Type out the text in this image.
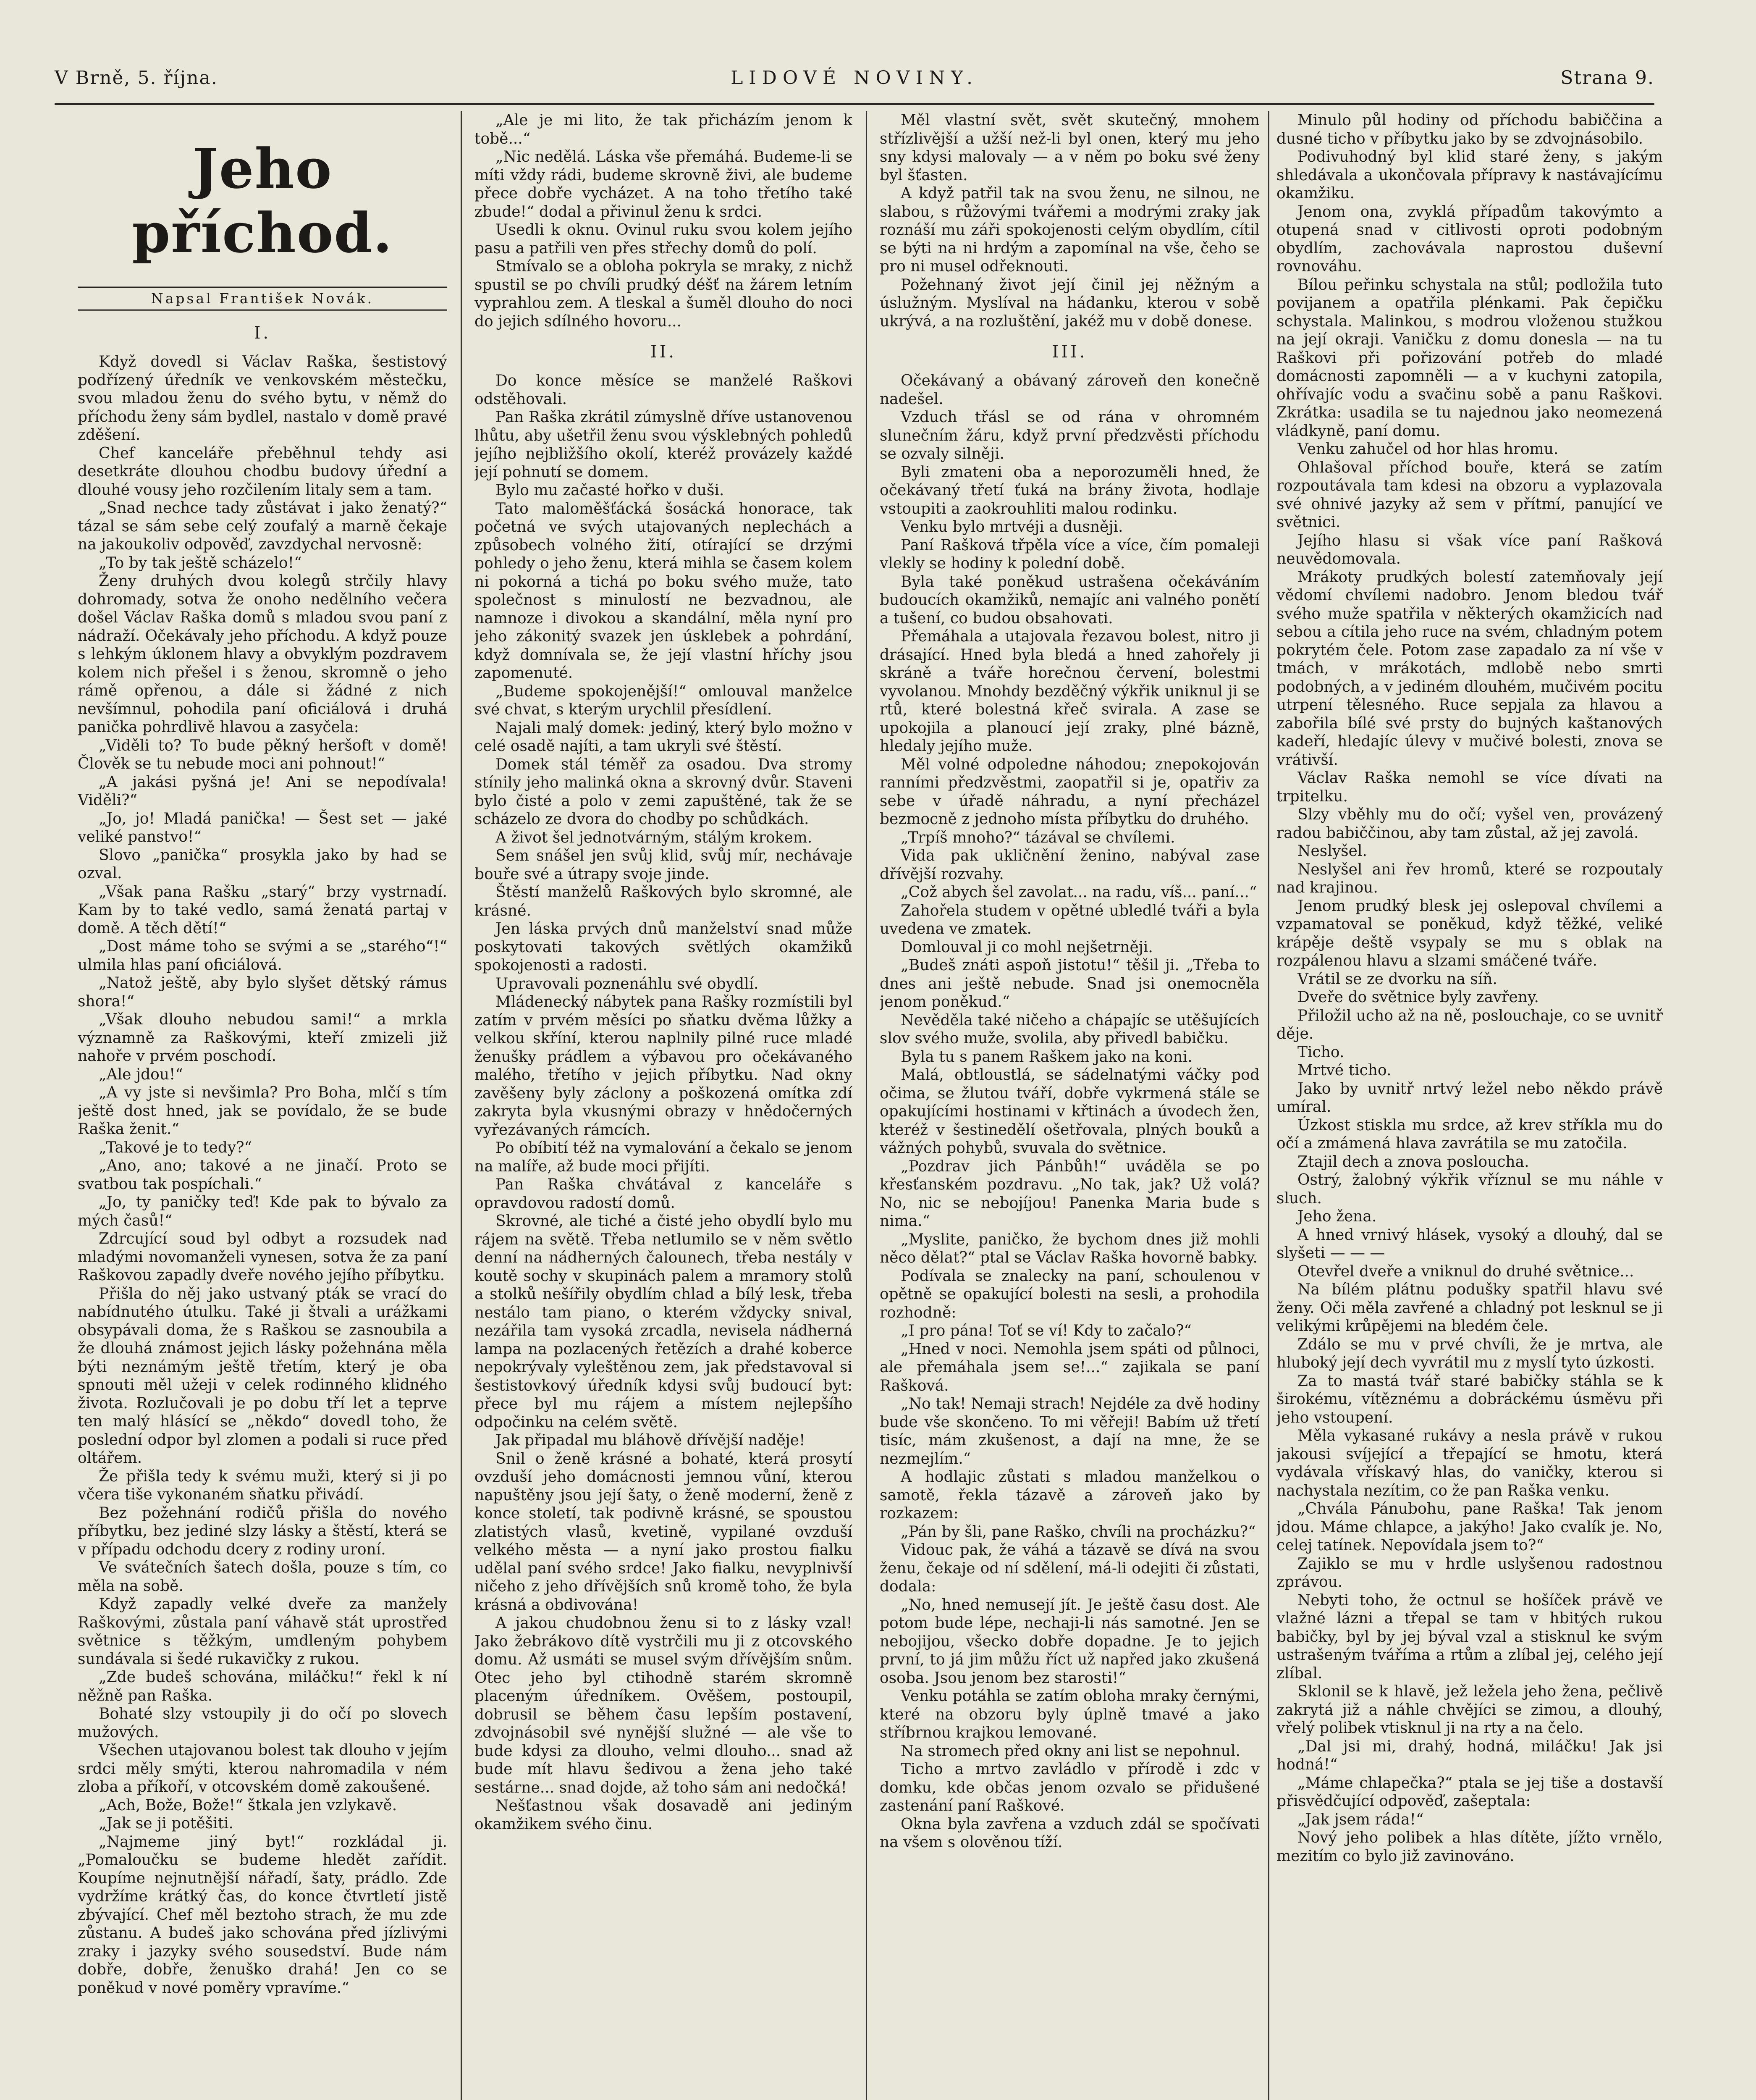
LIDOVÉ NOVINY.
V Brně, 5. října.	Strana 9.
Jeho příchod.
Napsal František Novák.
I.

Když dovedl si Václav Raška, šestistový podřízený úředník ve venkovském městečku, svou mladou ženu do svého bytu, v němž do příchodu ženy sám bydlel, nastalo v domě pravé zděšení.

Chef kanceláře přeběhnul tehdy asi desetkráte dlouhou chodbu budovy úřední a dlouhé vousy jeho rozčilením litaly sem a tam.

„Snad nechce tady zůstávat i jako ženatý?“ tázal se sám sebe celý zoufalý a marně čekaje na jakoukoliv odpověď, zavzdychal nervosně:

„To by tak ještě scházelo!“

Ženy druhých dvou kolegů strčily hlavy dohromady, sotva že onoho nedělního večera došel Václav Raška domů s mladou svou paní z nádraží. Očekávaly jeho příchodu. A když pouze s lehkým úklonem hlavy a obvyklým pozdravem kolem nich přešel i s ženou, skromně o jeho rámě opřenou, a dále si žádné z nich nevšímnul, pohodila paní oficiálová i druhá panička pohrdlivě hlavou a zasyčela:

„Viděli to? To bude pěkný heršoft v domě! Člověk se tu nebude moci ani pohnout!“

„A jakási pyšná je! Ani se nepodívala! Viděli?“

„Jo, jo! Mladá panička! — Šest set — jaké veliké panstvo!“

Slovo „panička“ prosykla jako by had se ozval.

„Však pana Rašku „starý“ brzy vystrnadí. Kam by to také vedlo, samá ženatá partaj v domě. A těch dětí!“

„Dost máme toho se svými a se „starého“!“ ulmila hlas paní oficiálová.

„Natož ještě, aby bylo slyšet dětský rámus shora!“

„Však dlouho nebudou sami!“ a mrkla významně za Raškovými, kteří zmizeli již nahoře v prvém poschodí.

„Ale jdou!“

„A vy jste si nevšimla? Pro Boha, mlčí s tím ještě dost hned, jak se povídalo, že se bude Raška ženit.“

„Takové je to tedy?“

„Ano, ano; takové a ne jinačí. Proto se svatbou tak pospíchali.“

„Jo, ty paničky teď! Kde pak to bývalo za mých časů!“

Zdrcující soud byl odbyt a rozsudek nad mladými novomanželi vynesen, sotva že za paní Raškovou zapadly dveře nového jejího příbytku.

Přišla do něj jako ustvaný pták se vrací do nabídnutého útulku. Také ji štvali a urážkami obsypávali doma, že s Raškou se zasnoubila a že dlouhá známost jejich lásky požehnána měla býti neznámým ještě třetím, který je oba spnouti měl užeji v celek rodinného klidného života. Rozlučovali je po dobu tří let a teprve ten malý hlásící se „někdo“ dovedl toho, že poslední odpor byl zlomen a podali si ruce před oltářem.

Že přišla tedy k svému muži, který si ji po včera tiše vykonaném sňatku přivádí.

Bez požehnání rodičů přišla do nového příbytku, bez jediné slzy lásky a štěstí, která se v případu odchodu dcery z rodiny uroní.

Ve svátečních šatech došla, pouze s tím, co měla na sobě.

Když zapadly velké dveře za manžely Raškovými, zůstala paní váhavě stát uprostřed světnice s těžkým, umdleným pohybem sundávala si šedé rukavičky z rukou.

„Zde budeš schována, miláčku!“ řekl k ní něžně pan Raška.

Bohaté slzy vstoupily ji do očí po slovech mužových.

Všechen utajovanou bolest tak dlouho v jejím srdci měly smýti, kterou nahromadila v ném zloba a příkoří, v otcovském domě zakoušené.

„Ach, Bože, Bože!“ štkala jen vzlykavě.

„Jak se ji potěšiti.

„Najmeme jiný byt!“ rozkládal ji. „Pomaloučku se budeme hledět zařídit. Koupíme nejnutnější nářadí, šaty, prádlo. Zde vydržíme krátký čas, do konce čtvrtletí jistě zbývající. Chef měl beztoho strach, že mu zde zůstanu. A budeš jako schována před jízlivými zraky i jazyky svého sousedství. Bude nám dobře, dobře, ženuško drahá! Jen co se poněkud v nové poměry vpravíme.“

„Ale je mi lito, že tak přicházím jenom k tobě...“

„Nic nedělá. Láska vše přemáhá. Budeme-li se míti vždy rádi, budeme skrovně živi, ale budeme přece dobře vycházet. A na toho třetího také zbude!“ dodal a přivinul ženu k srdci.

Usedli k oknu. Ovinul ruku svou kolem jejího pasu a patřili ven přes střechy domů do polí.

Stmívalo se a obloha pokryla se mraky, z nichž spustil se po chvíli prudký déšť na žárem letním vyprahlou zem. A tleskal a šuměl dlouho do noci do jejich sdílného hovoru...

II.

Do konce měsíce se manželé Raškovi odstěhovali.

Pan Raška zkrátil zúmyslně dříve ustanovenou lhůtu, aby ušetřil ženu svou výsklebných pohledů jejího nejbližšího okolí, kteréž provázely každé její pohnutí se domem.

Bylo mu začasté hořko v duši.

Tato maloměšťácká šosácká honorace, tak početná ve svých utajovaných neplechách a způsobech volného žití, otírající se drzými pohledy o jeho ženu, která mihla se časem kolem ni pokorná a tichá po boku svého muže, tato společnost s minulostí ne bezvadnou, ale namnoze i divokou a skandální, měla nyní pro jeho zákonitý svazek jen úsklebek a pohrdání, když domnívala se, že její vlastní hříchy jsou zapomenuté.

„Budeme spokojenější!“ omlouval manželce své chvat, s kterým urychlil přesídlení.

Najali malý domek: jediný, který bylo možno v celé osadě najíti, a tam ukryli své štěstí.

Domek stál téměř za osadou. Dva stromy stínily jeho malinká okna a skrovný dvůr. Staveni bylo čisté a polo v zemi zapuštěné, tak že se scházelo ze dvora do chodby po schůdkách.

A život šel jednotvárným, stálým krokem.

Sem snášel jen svůj klid, svůj mír, nechávaje bouře své a útrapy svoje jinde.

Štěstí manželů Raškových bylo skromné, ale krásné.

Jen láska prvých dnů manželství snad může poskytovati takových světlých okamžiků spokojenosti a radosti.

Upravovali poznenáhlu své obydlí.

Mládenecký nábytek pana Rašky rozmístili byl zatím v prvém měsíci po sňatku dvěma lůžky a velkou skříní, kterou naplnily pilné ruce mladé ženušky prádlem a výbavou pro očekávaného malého, třetího v jejich příbytku. Nad okny zavěšeny byly záclony a poškozená omítka zdí zakryta byla vkusnými obrazy v hnědočerných vyřezávaných rámcích.

Po obíbití též na vymalování a čekalo se jenom na malíře, až bude moci přijíti.

Pan Raška chvátával z kanceláře s opravdovou radostí domů.

Skrovné, ale tiché a čisté jeho obydlí bylo mu rájem na světě. Třeba netlumilo se v něm světlo denní na nádherných čalounech, třeba nestály v koutě sochy v skupinách palem a mramory stolů a stolků nešířily obydlím chlad a bílý lesk, třeba nestálo tam piano, o kterém vždycky snival, nezářila tam vysoká zrcadla, nevisela nádherná lampa na pozlacených řetězích a drahé koberce nepokrývaly vyleštěnou zem, jak představoval si šestistovkový úředník kdysi svůj budoucí byt: přece byl mu rájem a místem nejlepšího odpočinku na celém světě.

Jak připadal mu bláhově dřívější naděje!

Snil o ženě krásné a bohaté, která prosytí ovzduší jeho domácnosti jemnou vůní, kterou napuštěny jsou její šaty, o ženě moderní, ženě z konce století, tak podivně krásné, se spoustou zlatistých vlasů, kvetině, vypilané ovzduší velkého města — a nyní jako prostou fialku udělal paní svého srdce! Jako fialku, nevyplnivší ničeho z jeho dřívějších snů kromě toho, že byla krásná a obdivována!

A jakou chudobnou ženu si to z lásky vzal! Jako žebrákovo dítě vystrčili mu ji z otcovského domu. Až usmáti se musel svým dřívějším snům. Otec jeho byl ctihodně starém skromně placeným úředníkem. Ověšem, postoupil, dobrusil se během času lepším postavení, zdvojnásobil své nynější služné — ale vše to bude kdysi za dlouho, velmi dlouho... snad až bude mít hlavu šedivou a žena jeho také sestárne... snad dojde, až toho sám ani nedočká!

Nešťastnou však dosavadě ani jediným okamžikem svého činu.

Měl vlastní svět, svět skutečný, mnohem střízlivější a užší než-li byl onen, který mu jeho sny kdysi malovaly — a v něm po boku své ženy byl šťasten.

A když patřil tak na svou ženu, ne silnou, ne slabou, s růžovými tvářemi a modrými zraky jak roznáší mu záři spokojenosti celým obydlím, cítil se býti na ni hrdým a zapomínal na vše, čeho se pro ni musel odřeknouti.

Požehnaný život její činil jej něžným a úslužným. Myslíval na hádanku, kterou v sobě ukrývá, a na rozluštění, jakéž mu v době donese.

III.

Očekávaný a obávaný zároveň den konečně nadešel.

Vzduch třásl se od rána v ohromném slunečním žáru, když první předzvěsti příchodu se ozvaly silněji.

Byli zmateni oba a neporozuměli hned, že očekávaný třetí ťuká na brány života, hodlaje vstoupiti a zaokrouhliti malou rodinku.

Venku bylo mrtvéji a dusněji.

Paní Rašková třpěla více a více, čím pomaleji vlekly se hodiny k polední době.

Byla také poněkud ustrašena očekáváním budoucích okamžiků, nemajíc ani valného ponětí a tušení, co budou obsahovati.

Přemáhala a utajovala řezavou bolest, nitro ji drásající. Hned byla bledá a hned zahořely ji skráně a tváře horečnou červení, bolestmi vyvolanou. Mnohdy bezděčný výkřik uniknul ji se rtů, které bolestná křeč svirala. A zase se upokojila a planoucí její zraky, plné bázně, hledaly jejího muže.

Měl volné odpoledne náhodou; znepokojován ranními předzvěstmi, zaopatřil si je, opatřiv za sebe v úřadě náhradu, a nyní přecházel bezmocně z jednoho místa příbytku do druhého.

„Trpíš mnoho?“ tázával se chvílemi.

Vida pak ukličnění ženino, nabýval zase dřívější rozvahy.

„Což abych šel zavolat... na radu, víš... paní...“

Zahořela studem v opětné ubledlé tváři a byla uvedena ve zmatek.

Domlouval ji co mohl nejšetrněji.

„Budeš znáti aspoň jistotu!“ těšil ji. „Třeba to dnes ani ještě nebude. Snad jsi onemocněla jenom poněkud.“

Nevěděla také ničeho a chápajíc se utěšujících slov svého muže, svolila, aby přivedl babičku.

Byla tu s panem Raškem jako na koni.

Malá, obtloustlá, se sádelnatými váčky pod očima, se žlutou tváří, dobře vykrmená stále se opakujícími hostinami v křtinách a úvodech žen, kteréž v šestinedělí ošetřovala, plných bouků a vážných pohybů, svuvala do světnice.

„Pozdrav jich Pánbůh!“ uváděla se po křesťanském pozdravu. „No tak, jak? Už volá? No, nic se nebojíjou! Panenka Maria bude s nima.“

„Myslite, paničko, že bychom dnes již mohli něco dělat?“ ptal se Václav Raška hovorně babky.

Podívala se znalecky na paní, schoulenou v opětně se opakující bolesti na sesli, a prohodila rozhodně:

„I pro pána! Toť se ví! Kdy to začalo?“

„Hned v noci. Nemohla jsem spáti od půlnoci, ale přemáhala jsem se!...“ zajikala se paní Rašková.

„No tak! Nemaji strach! Nejdéle za dvě hodiny bude vše skončeno. To mi věřeji! Babím už třetí tisíc, mám zkušenost, a dají na mne, že se nezmejlím.“

A hodlajic zůstati s mladou manželkou o samotě, řekla tázavě a zároveň jako by rozkazem:

„Pán by šli, pane Raško, chvíli na procházku?“

Vidouc pak, že váhá a tázavě se dívá na svou ženu, čekaje od ní sdělení, má-li odejiti či zůstati, dodala:

„No, hned nemusejí jít. Je ještě času dost. Ale potom bude lépe, nechaji-li nás samotné. Jen se nebojijou, všecko dobře dopadne. Je to jejich první, to já jim můžu říct už napřed jako zkušená osoba. Jsou jenom bez starosti!“

Venku potáhla se zatím obloha mraky černými, které na obzoru byly úplně tmavé a jako stříbrnou krajkou lemované.

Na stromech před okny ani list se nepohnul.

Ticho a mrtvo zavládlo v přírodě i zdc v domku, kde občas jenom ozvalo se přidušené zastenání paní Raškové.

Okna byla zavřena a vzduch zdál se spočívati na všem s olověnou tíží.

Minulo půl hodiny od příchodu babiččina a dusné ticho v příbytku jako by se zdvojnásobilo.

Podivuhodný byl klid staré ženy, s jakým shledávala a ukončovala přípravy k nastávajícímu okamžiku.

Jenom ona, zvyklá případům takovýmto a otupená snad v citlivosti oproti podobným obydlím, zachovávala naprostou duševní rovnováhu.

Bílou peřinku schystala na stůl; podložila tuto povijanem a opatřila plénkami. Pak čepičku schystala. Malinkou, s modrou vloženou stužkou na její okraji. Vaničku z domu donesla — na tu Raškovi při pořizování potřeb do mladé domácnosti zapomněli — a v kuchyni zatopila, ohřívajíc vodu a svačinu sobě a panu Raškovi. Zkrátka: usadila se tu najednou jako neomezená vládkyně, paní domu.

Venku zahučel od hor hlas hromu.

Ohlašoval příchod bouře, která se zatím rozpoutávala tam kdesi na obzoru a vyplazovala své ohnivé jazyky až sem v přítmí, panující ve světnici.

Jejího hlasu si však více paní Rašková neuvědomovala.

Mrákoty prudkých bolestí zatemňovaly její vědomí chvílemi nadobro. Jenom bledou tvář svého muže spatřila v některých okamžicích nad sebou a cítila jeho ruce na svém, chladným potem pokrytém čele. Potom zase zapadalo za ní vše v tmách, v mrákotách, mdlobě nebo smrti podobných, a v jediném dlouhém, mučivém pocitu utrpení tělesného. Ruce sepjala za hlavou a zabořila bílé své prsty do bujných kaštanových kadeří, hledajíc úlevy v mučivé bolesti, znova se vrátivší.

Václav Raška nemohl se více dívati na trpitelku.

Slzy vběhly mu do očí; vyšel ven, provázený radou babiččinou, aby tam zůstal, až jej zavolá.

Neslyšel.

Neslyšel ani řev hromů, které se rozpoutaly nad krajinou.

Jenom prudký blesk jej oslepoval chvílemi a vzpamatoval se poněkud, když těžké, veliké krápěje deště vsypaly se mu s oblak na rozpálenou hlavu a slzami smáčené tváře.

Vrátil se ze dvorku na síň.

Dveře do světnice byly zavřeny.

Přiložil ucho až na ně, poslouchaje, co se uvnitř děje.

Ticho.

Mrtvé ticho.

Jako by uvnitř nrtvý ležel nebo někdo právě umíral.

Úzkost stiskla mu srdce, až krev stříkla mu do očí a zmámená hlava zavrátila se mu zatočila.

Ztajil dech a znova posloucha.

Ostrý, žalobný výkřik vříznul se mu náhle v sluch.

Jeho žena.

A hned vrnivý hlásek, vysoký a dlouhý, dal se slyšeti — — —

Otevřel dveře a vniknul do druhé světnice...

Na bílém plátnu podušky spatřil hlavu své ženy. Oči měla zavřené a chladný pot lesknul se ji velikými krůpějemi na bledém čele.

Zdálo se mu v prvé chvíli, že je mrtva, ale hluboký její dech vyvrátil mu z myslí tyto úzkosti.

Za to mastá tvář staré babičky stáhla se k širokému, vítěznému a dobráckému úsměvu při jeho vstoupení.

Měla vykasané rukávy a nesla právě v rukou jakousi svíjející a třepající se hmotu, která vydávala vřískavý hlas, do vaničky, kterou si nachystala nezítim, co že pan Raška venku.

„Chvála Pánubohu, pane Raška! Tak jenom jdou. Máme chlapce, a jakýho! Jako cvalík je. No, celej tatínek. Nepovídala jsem to?“

Zajiklo se mu v hrdle uslyšenou radostnou zprávou.

Nebyti toho, že octnul se hošíček právě ve vlažné lázni a třepal se tam v hbitých rukou babičky, byl by jej býval vzal a stisknul ke svým ustrašeným tváříma a rtům a zlíbal jej, celého její zlíbal.

Sklonil se k hlavě, jež ležela jeho žena, pečlivě zakrytá již a náhle chvějíci se zimou, a dlouhý, vřelý polibek vtisknul ji na rty a na čelo.

„Dal jsi mi, drahý, hodná, miláčku! Jak jsi hodná!“

„Máme chlapečka?“ ptala se jej tiše a dostavší přisvědčující odpověď, zašeptala:

„Jak jsem ráda!“

Nový jeho polibek a hlas dítěte, jížto vrnělo, mezitím co bylo již zavinováno.
